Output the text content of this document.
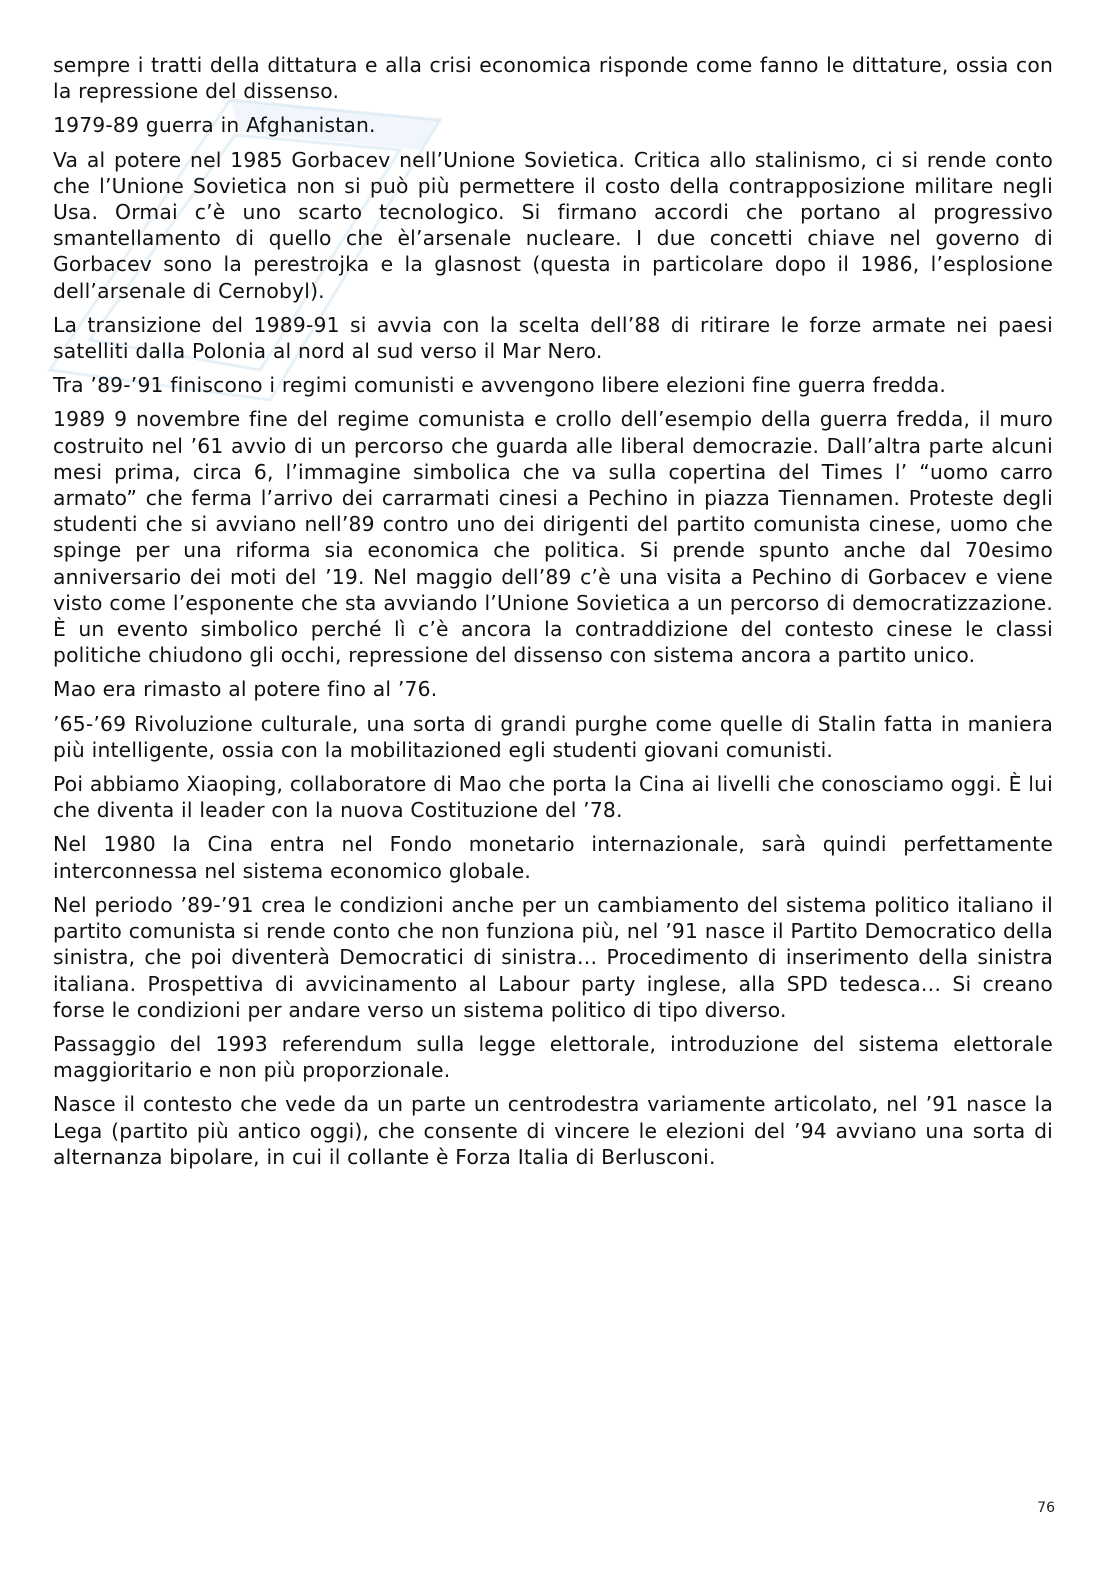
sempre i tratti della dittatura e alla crisi economica risponde come fanno le dittature, ossia con la repressione del dissenso.

1979-89 guerra in Afghanistan.

Va al potere nel 1985 Gorbacev nell’Unione Sovietica. Critica allo stalinismo, ci si rende conto che l’Unione Sovietica non si può più permettere il costo della contrapposizione militare negli Usa. Ormai c’è uno scarto tecnologico. Si firmano accordi che portano al progressivo smantellamento di quello che èl’arsenale nucleare. I due concetti chiave nel governo di Gorbacev sono la perestrojka e la glasnost (questa in particolare dopo il 1986, l’esplosione dell’arsenale di Cernobyl).

La transizione del 1989-91 si avvia con la scelta dell’88 di ritirare le forze armate nei paesi satelliti dalla Polonia al nord al sud verso il Mar Nero.

Tra ’89-’91 finiscono i regimi comunisti e avvengono libere elezioni fine guerra fredda.

1989 9 novembre fine del regime comunista e crollo dell’esempio della guerra fredda, il muro costruito nel ’61 avvio di un percorso che guarda alle liberal democrazie. Dall’altra parte alcuni mesi prima, circa 6, l’immagine simbolica che va sulla copertina del Times l’ “uomo carro armato” che ferma l’arrivo dei carrarmati cinesi a Pechino in piazza Tiennamen. Proteste degli studenti che si avviano nell’89 contro uno dei dirigenti del partito comunista cinese, uomo che spinge per una riforma sia economica che politica. Si prende spunto anche dal 70esimo anniversario dei moti del ’19. Nel maggio dell’89 c’è una visita a Pechino di Gorbacev e viene visto come l’esponente che sta avviando l’Unione Sovietica a un percorso di democratizzazione. È un evento simbolico perché lì c’è ancora la contraddizione del contesto cinese le classi politiche chiudono gli occhi, repressione del dissenso con sistema ancora a partito unico.

Mao era rimasto al potere fino al ’76.

’65-’69 Rivoluzione culturale, una sorta di grandi purghe come quelle di Stalin fatta in maniera più intelligente, ossia con la mobilitazioned egli studenti giovani comunisti.

Poi abbiamo Xiaoping, collaboratore di Mao che porta la Cina ai livelli che conosciamo oggi. È lui che diventa il leader con la nuova Costituzione del ’78.

Nel 1980 la Cina entra nel Fondo monetario internazionale, sarà quindi perfettamente interconnessa nel sistema economico globale.

Nel periodo ’89-’91 crea le condizioni anche per un cambiamento del sistema politico italiano il partito comunista si rende conto che non funziona più, nel ’91 nasce il Partito Democratico della sinistra, che poi diventerà Democratici di sinistra… Procedimento di inserimento della sinistra italiana. Prospettiva di avvicinamento al Labour party inglese, alla SPD tedesca… Si creano forse le condizioni per andare verso un sistema politico di tipo diverso.

Passaggio del 1993 referendum sulla legge elettorale, introduzione del sistema elettorale maggioritario e non più proporzionale.

Nasce il contesto che vede da un parte un centrodestra variamente articolato, nel ’91 nasce la Lega (partito più antico oggi), che consente di vincere le elezioni del ’94 avviano una sorta di alternanza bipolare, in cui il collante è Forza Italia di Berlusconi.

76
